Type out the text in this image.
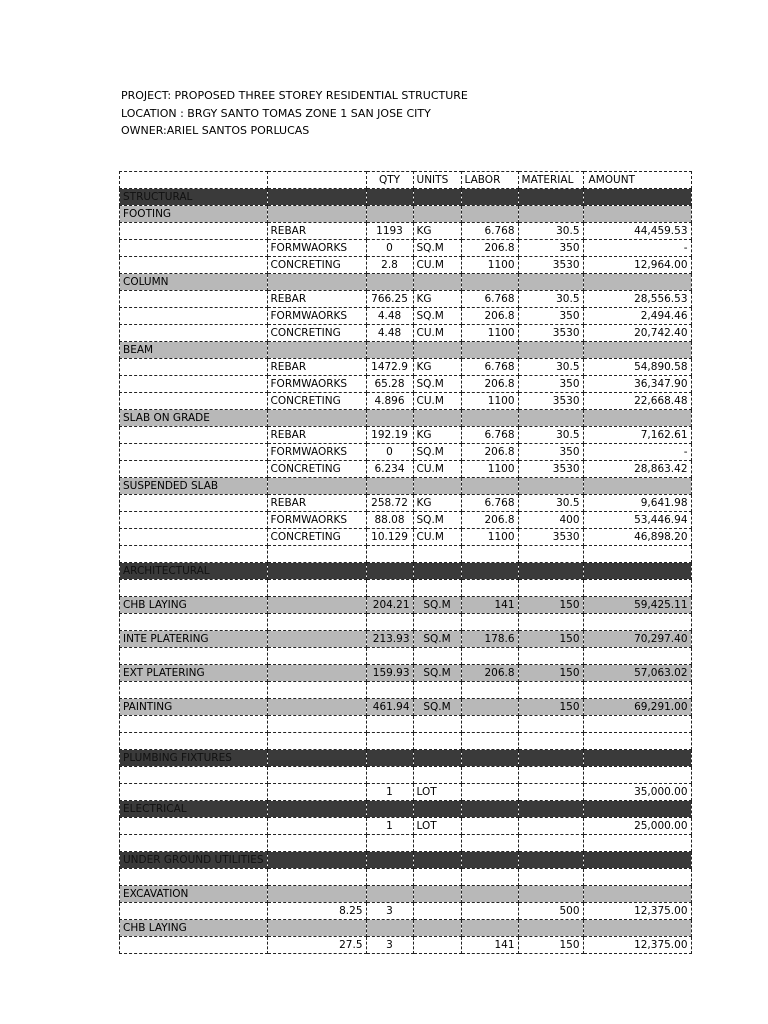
PROJECT: PROPOSED THREE STOREY RESIDENTIAL STRUCTURE
LOCATION : BRGY SANTO TOMAS ZONE 1 SAN JOSE CITY
OWNER:ARIEL SANTOS PORLUCAS
		QTY	UNITS	LABOR	MATERIAL	AMOUNT
STRUCTURAL						
FOOTING						
	REBAR	1193	KG	6.768	30.5	44,459.53
	FORMWAORKS	0	SQ.M	206.8	350	-
	CONCRETING	2.8	CU.M	1100	3530	12,964.00
COLUMN						
	REBAR	766.25	KG	6.768	30.5	28,556.53
	FORMWAORKS	4.48	SQ.M	206.8	350	2,494.46
	CONCRETING	4.48	CU.M	1100	3530	20,742.40
BEAM						
	REBAR	1472.9	KG	6.768	30.5	54,890.58
	FORMWAORKS	65.28	SQ.M	206.8	350	36,347.90
	CONCRETING	4.896	CU.M	1100	3530	22,668.48
SLAB ON GRADE						
	REBAR	192.19	KG	6.768	30.5	7,162.61
	FORMWAORKS	0	SQ.M	206.8	350	-
	CONCRETING	6.234	CU.M	1100	3530	28,863.42
SUSPENDED SLAB						
	REBAR	258.72	KG	6.768	30.5	9,641.98
	FORMWAORKS	88.08	SQ.M	206.8	400	53,446.94
	CONCRETING	10.129	CU.M	1100	3530	46,898.20

ARCHITECTURAL						

CHB LAYING		204.21	SQ.M	141	150	59,425.11

INTE PLATERING		213.93	SQ.M	178.6	150	70,297.40

EXT PLATERING		159.93	SQ.M	206.8	150	57,063.02

PAINTING		461.94	SQ.M		150	69,291.00

PLUMBING FIXTURES						

		1	LOT			35,000.00
ELECTRICAL						
		1	LOT			25,000.00

UNDER GROUND UTILITIES						

EXCAVATION						
	8.25	3			500	12,375.00
CHB LAYING						
	27.5	3		141	150	12,375.00
